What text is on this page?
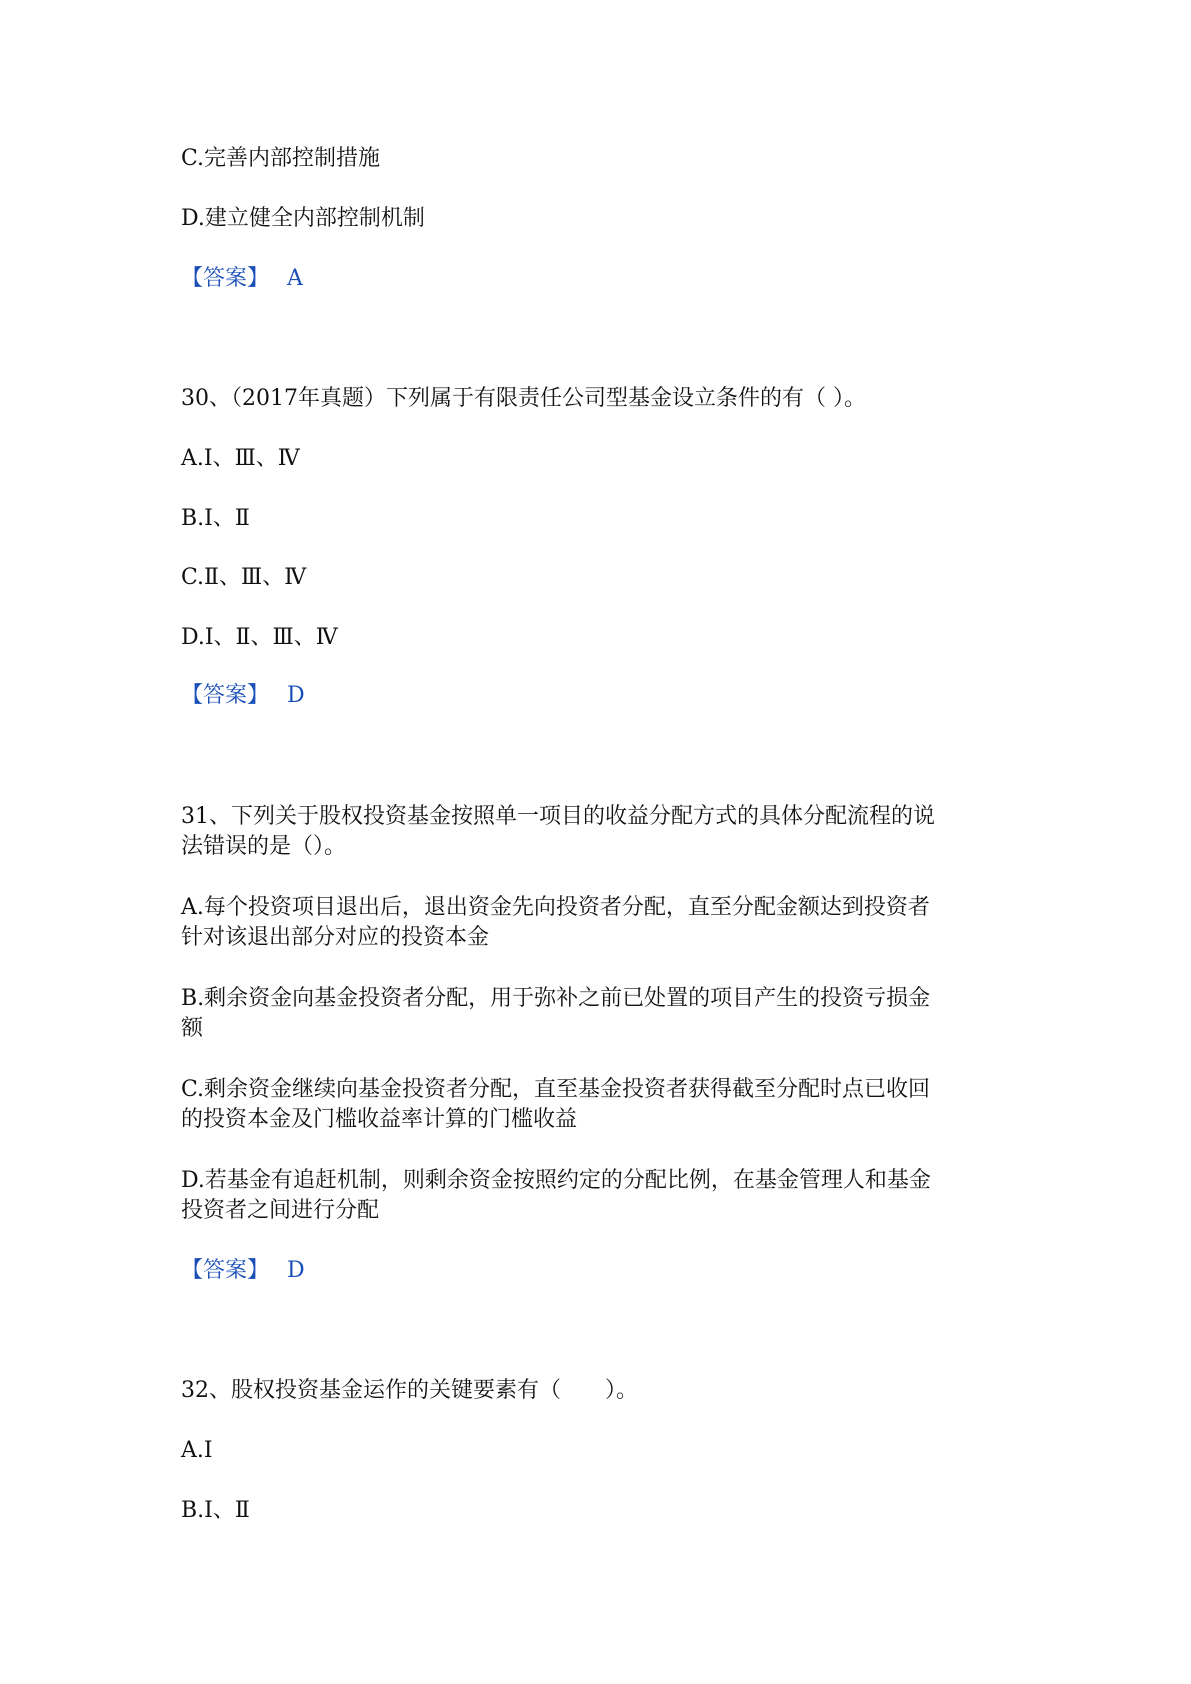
C.完善内部控制措施
D.建立健全内部控制机制
【答案】 A
30、（2017年真题）下列属于有限责任公司型基金设立条件的有（ ）。
A.Ⅰ、Ⅲ、Ⅳ
B.Ⅰ、Ⅱ
C.Ⅱ、Ⅲ、Ⅳ
D.Ⅰ、Ⅱ、Ⅲ、Ⅳ
【答案】 D
31、下列关于股权投资基金按照单一项目的收益分配方式的具体分配流程的说
法错误的是（）。
A.每个投资项目退出后，退出资金先向投资者分配，直至分配金额达到投资者
针对该退出部分对应的投资本金
B.剩余资金向基金投资者分配，用于弥补之前已处置的项目产生的投资亏损金
额
C.剩余资金继续向基金投资者分配，直至基金投资者获得截至分配时点已收回
的投资本金及门槛收益率计算的门槛收益
D.若基金有追赶机制，则剩余资金按照约定的分配比例，在基金管理人和基金
投资者之间进行分配
【答案】 D
32、股权投资基金运作的关键要素有（　　）。
A.Ⅰ
B.Ⅰ、Ⅱ
